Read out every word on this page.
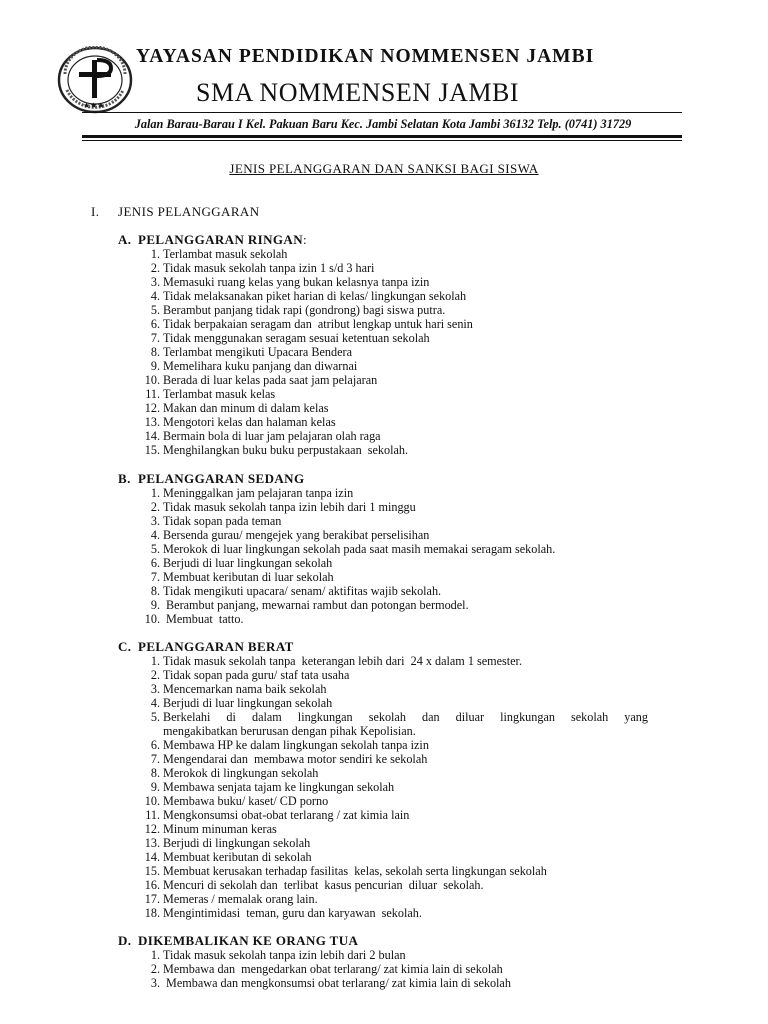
★★★
YAYASAN PENDIDIKAN NOMMENSEN JAMBI
SMA NOMMENSEN JAMBI
Jalan Barau-Barau I Kel. Pakuan Baru Kec. Jambi Selatan Kota Jambi 36132 Telp. (0741) 31729
JENIS PELANGGARAN DAN SANKSI BAGI SISWA
I. JENIS PELANGGARAN
A. PELANGGARAN RINGAN:
1. Terlambat masuk sekolah
2. Tidak masuk sekolah tanpa izin 1 s/d 3 hari
3. Memasuki ruang kelas yang bukan kelasnya tanpa izin
4. Tidak melaksanakan piket harian di kelas/ lingkungan sekolah
5. Berambut panjang tidak rapi (gondrong) bagi siswa putra.
6. Tidak berpakaian seragam dan  atribut lengkap untuk hari senin
7. Tidak menggunakan seragam sesuai ketentuan sekolah
8. Terlambat mengikuti Upacara Bendera
9. Memelihara kuku panjang dan diwarnai
10. Berada di luar kelas pada saat jam pelajaran
11. Terlambat masuk kelas
12. Makan dan minum di dalam kelas
13. Mengotori kelas dan halaman kelas
14. Bermain bola di luar jam pelajaran olah raga
15. Menghilangkan buku buku perpustakaan  sekolah.
B. PELANGGARAN SEDANG
1. Meninggalkan jam pelajaran tanpa izin
2. Tidak masuk sekolah tanpa izin lebih dari 1 minggu
3. Tidak sopan pada teman
4. Bersenda gurau/ mengejek yang berakibat perselisihan
5. Merokok di luar lingkungan sekolah pada saat masih memakai seragam sekolah.
6. Berjudi di luar lingkungan sekolah
7. Membuat keributan di luar sekolah
8. Tidak mengikuti upacara/ senam/ aktifitas wajib sekolah.
9. Berambut panjang, mewarnai rambut dan potongan bermodel.
10. Membuat  tatto.
C. PELANGGARAN BERAT
1. Tidak masuk sekolah tanpa  keterangan lebih dari  24 x dalam 1 semester.
2. Tidak sopan pada guru/ staf tata usaha
3. Mencemarkan nama baik sekolah
4. Berjudi di luar lingkungan sekolah
5. Berkelahi di dalam lingkungan sekolah dan diluar lingkungan sekolah yang
mengakibatkan berurusan dengan pihak Kepolisian.
6. Membawa HP ke dalam lingkungan sekolah tanpa izin
7. Mengendarai dan  membawa motor sendiri ke sekolah
8. Merokok di lingkungan sekolah
9. Membawa senjata tajam ke lingkungan sekolah
10. Membawa buku/ kaset/ CD porno
11. Mengkonsumsi obat-obat terlarang / zat kimia lain
12. Minum minuman keras
13. Berjudi di lingkungan sekolah
14. Membuat keributan di sekolah
15. Membuat kerusakan terhadap fasilitas  kelas, sekolah serta lingkungan sekolah
16. Mencuri di sekolah dan  terlibat  kasus pencurian  diluar  sekolah.
17. Memeras / memalak orang lain.
18. Mengintimidasi  teman, guru dan karyawan  sekolah.
D. DIKEMBALIKAN KE ORANG TUA
1. Tidak masuk sekolah tanpa izin lebih dari 2 bulan
2. Membawa dan  mengedarkan obat terlarang/ zat kimia lain di sekolah
3. Membawa dan mengkonsumsi obat terlarang/ zat kimia lain di sekolah
